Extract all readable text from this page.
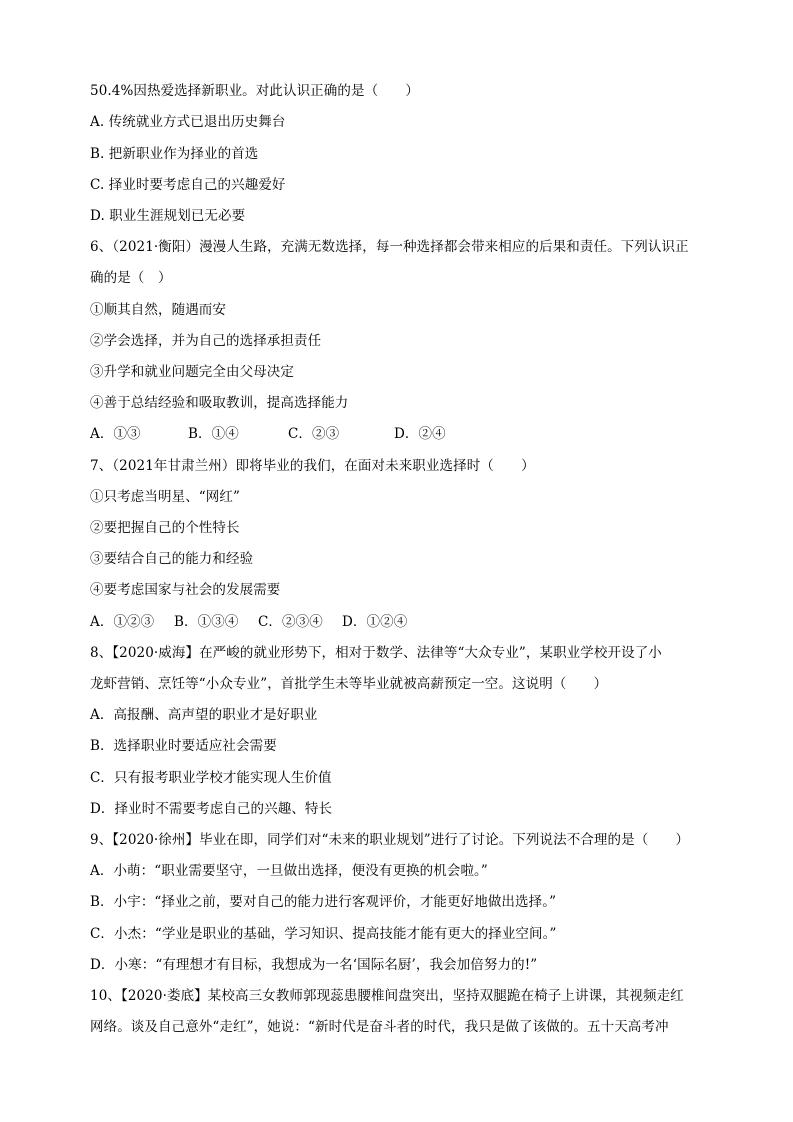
50.4%因热爱选择新职业。对此认识正确的是（　　）
A. 传统就业方式已退出历史舞台
B. 把新职业作为择业的首选
C. 择业时要考虑自己的兴趣爱好
D. 职业生涯规划已无必要
6、（2021·衡阳）漫漫人生路，充满无数选择，每一种选择都会带来相应的后果和责任。下列认识正
确的是（　）
①顺其自然，随遇而安
②学会选择，并为自己的选择承担责任
③升学和就业问题完全由父母决定
④善于总结经验和吸取教训，提高选择能力
A．①③	B．①④	C．②③	D．②④
7、（2021年甘肃兰州）即将毕业的我们，在面对未来职业选择时（　　）
①只考虑当明星、“网红”
②要把握自己的个性特长
③要结合自己的能力和经验
④要考虑国家与社会的发展需要
A．①②③ B．①③④ C．②③④ D．①②④
8、【2020·威海】在严峻的就业形势下，相对于数学、法律等“大众专业”，某职业学校开设了小
龙虾营销、烹饪等“小众专业”，首批学生未等毕业就被高薪预定一空。这说明（　　）
A．高报酬、高声望的职业才是好职业
B．选择职业时要适应社会需要
C．只有报考职业学校才能实现人生价值
D．择业时不需要考虑自己的兴趣、特长
9、【2020·徐州】毕业在即，同学们对“未来的职业规划”进行了讨论。下列说法不合理的是（　　）
A．小萌：“职业需要坚守，一旦做出选择，便没有更换的机会啦。”
B．小宇：“择业之前，要对自己的能力进行客观评价，才能更好地做出选择。”
C．小杰：“学业是职业的基础，学习知识、提高技能才能有更大的择业空间。”
D．小寒：“有理想才有目标，我想成为一名‘国际名厨’，我会加倍努力的!”
10、【2020·娄底】某校高三女教师郭现蕊患腰椎间盘突出，坚持双腿跪在椅子上讲课，其视频走红
网络。谈及自己意外“走红”，她说：“新时代是奋斗者的时代，我只是做了该做的。五十天高考冲
